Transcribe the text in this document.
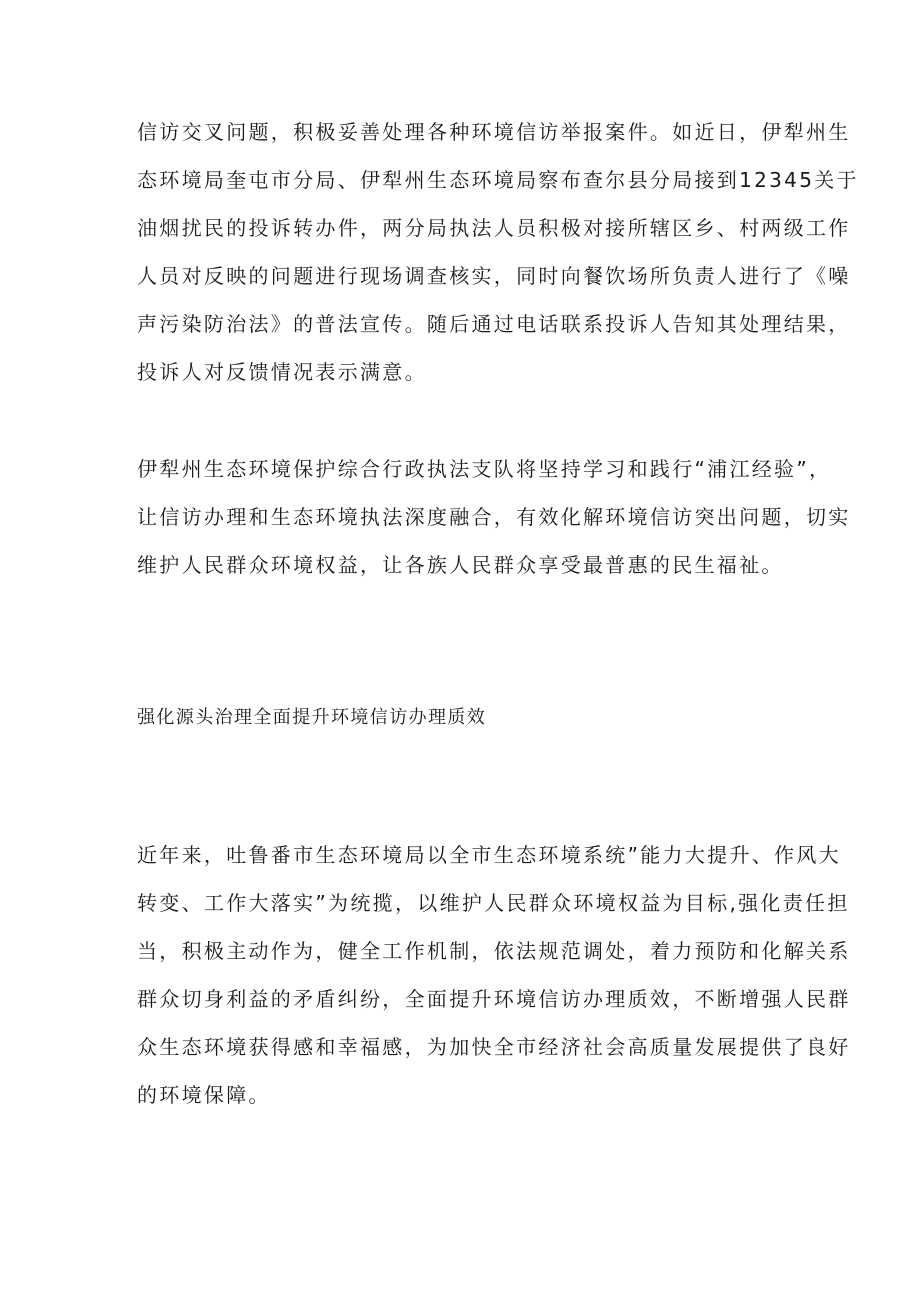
信访交叉问题，积极妥善处理各种环境信访举报案件。如近日，伊犁州生
态环境局奎屯市分局、伊犁州生态环境局察布查尔县分局接到12345关于
油烟扰民的投诉转办件，两分局执法人员积极对接所辖区乡、村两级工作
人员对反映的问题进行现场调查核实，同时向餐饮场所负责人进行了《噪
声污染防治法》的普法宣传。随后通过电话联系投诉人告知其处理结果，
投诉人对反馈情况表示满意。
伊犁州生态环境保护综合行政执法支队将坚持学习和践行“浦江经验”，
让信访办理和生态环境执法深度融合，有效化解环境信访突出问题，切实
维护人民群众环境权益，让各族人民群众享受最普惠的民生福祉。
强化源头治理全面提升环境信访办理质效
近年来，吐鲁番市生态环境局以全市生态环境系统”能力大提升、作风大
转变、工作大落实”为统揽，以维护人民群众环境权益为目标,强化责任担
当，积极主动作为，健全工作机制，依法规范调处，着力预防和化解关系
群众切身利益的矛盾纠纷，全面提升环境信访办理质效，不断增强人民群
众生态环境获得感和幸福感，为加快全市经济社会高质量发展提供了良好
的环境保障。
